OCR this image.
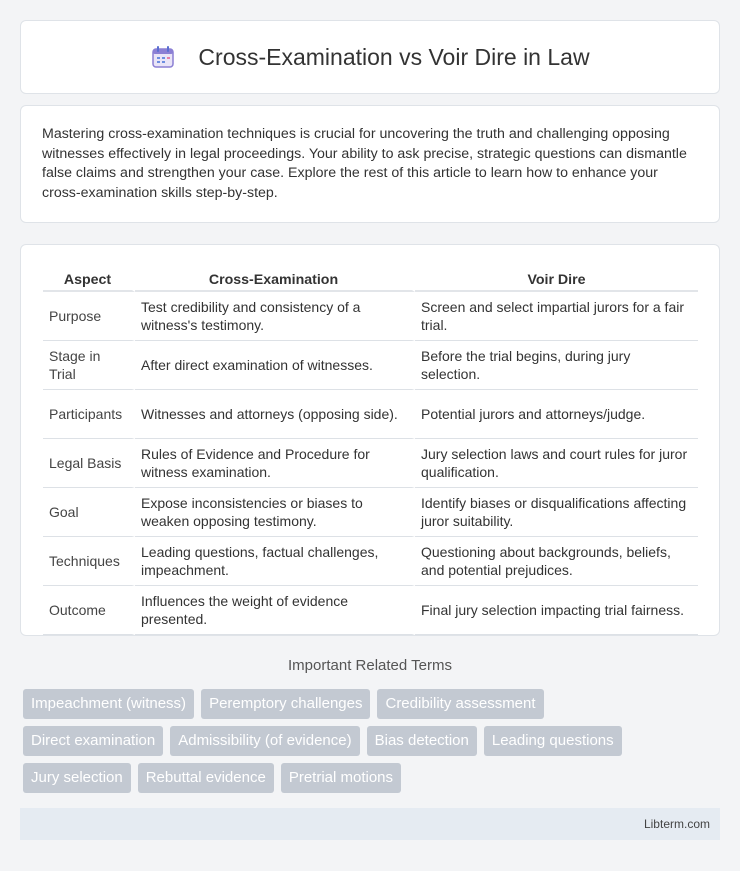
Cross-Examination vs Voir Dire in Law

Mastering cross-examination techniques is crucial for uncovering the truth and challenging opposing witnesses effectively in legal proceedings. Your ability to ask precise, strategic questions can dismantle false claims and strengthen your case. Explore the rest of this article to learn how to enhance your cross-examination skills step-by-step.

Aspect	Cross-Examination	Voir Dire
Purpose	Test credibility and consistency of a witness's testimony.	Screen and select impartial jurors for a fair trial.
Stage in Trial	After direct examination of witnesses.	Before the trial begins, during jury selection.
Participants	Witnesses and attorneys (opposing side).	Potential jurors and attorneys/judge.
Legal Basis	Rules of Evidence and Procedure for witness examination.	Jury selection laws and court rules for juror qualification.
Goal	Expose inconsistencies or biases to weaken opposing testimony.	Identify biases or disqualifications affecting juror suitability.
Techniques	Leading questions, factual challenges, impeachment.	Questioning about backgrounds, beliefs, and potential prejudices.
Outcome	Influences the weight of evidence presented.	Final jury selection impacting trial fairness.
Important Related Terms
Impeachment (witness)	Peremptory challenges	Credibility assessment
Direct examination	Admissibility (of evidence)	Bias detection	Leading questions
Jury selection	Rebuttal evidence	Pretrial motions
Libterm.com
